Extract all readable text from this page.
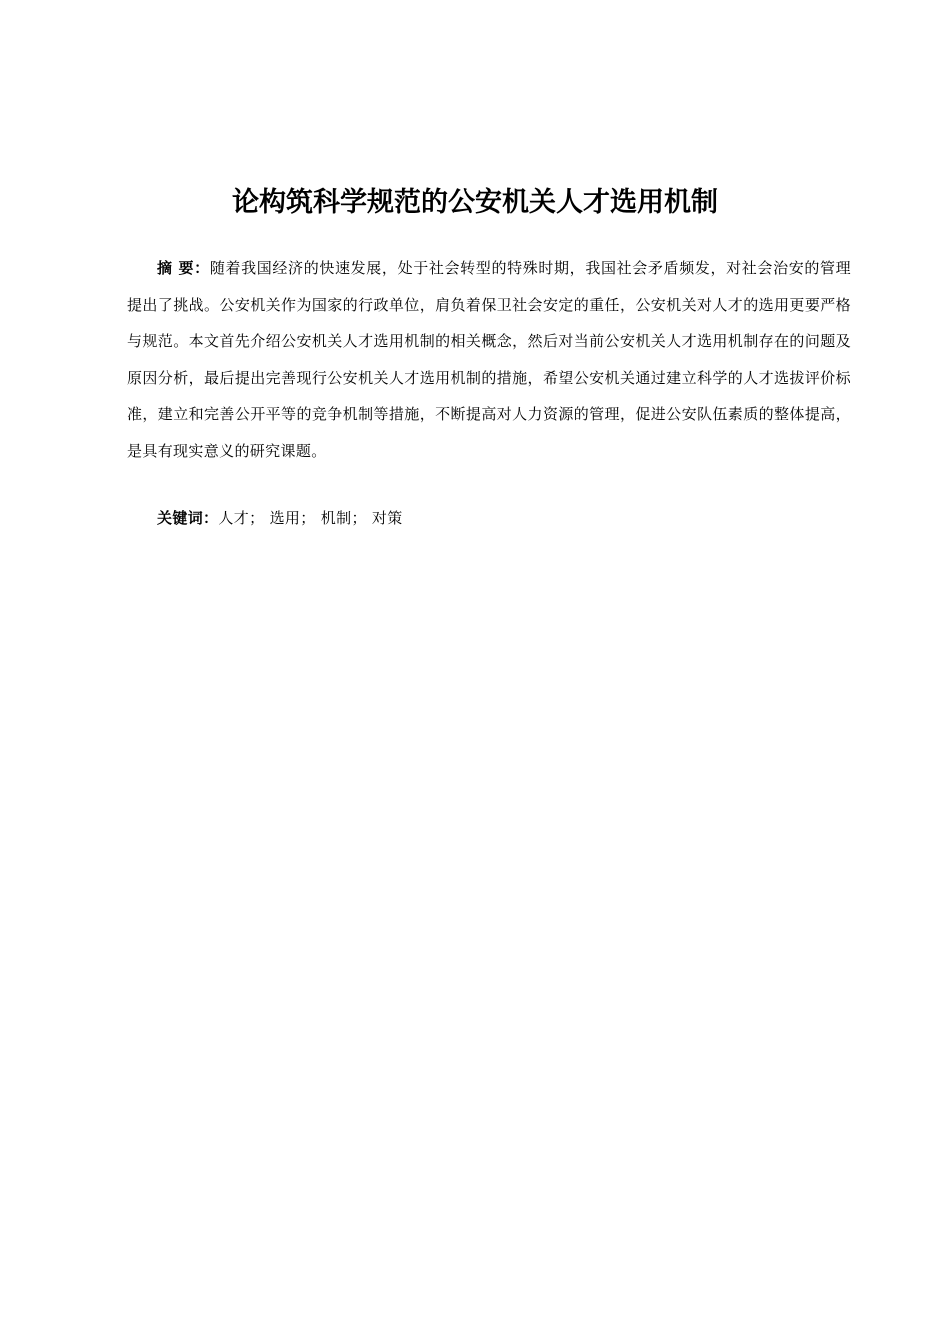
论构筑科学规范的公安机关人才选用机制

摘 要：随着我国经济的快速发展，处于社会转型的特殊时期，我国社会矛盾频发，对社会治安的管理提出了挑战。公安机关作为国家的行政单位，肩负着保卫社会安定的重任，公安机关对人才的选用更要严格与规范。本文首先介绍公安机关人才选用机制的相关概念，然后对当前公安机关人才选用机制存在的问题及原因分析，最后提出完善现行公安机关人才选用机制的措施，希望公安机关通过建立科学的人才选拔评价标准，建立和完善公开平等的竞争机制等措施，不断提高对人力资源的管理，促进公安队伍素质的整体提高，是具有现实意义的研究课题。

关键词：人才； 选用； 机制； 对策
